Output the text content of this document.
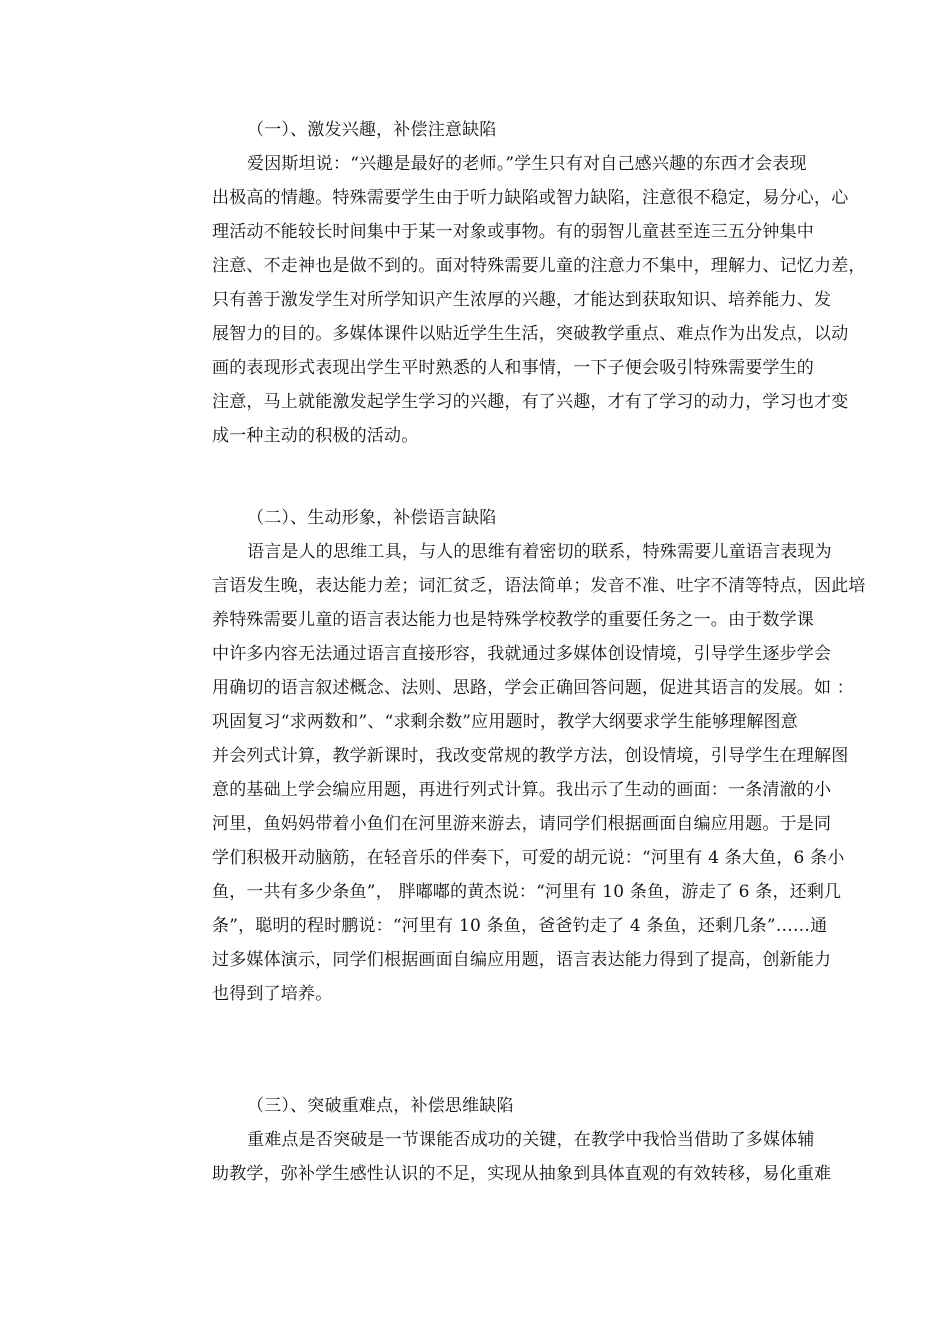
（一）、激发兴趣，补偿注意缺陷
爱因斯坦说：“兴趣是最好的老师。”学生只有对自己感兴趣的东西才会表现
出极高的情趣。特殊需要学生由于听力缺陷或智力缺陷，注意很不稳定，易分心，心
理活动不能较长时间集中于某一对象或事物。有的弱智儿童甚至连三五分钟集中
注意、不走神也是做不到的。面对特殊需要儿童的注意力不集中，理解力、记忆力差，
只有善于激发学生对所学知识产生浓厚的兴趣，才能达到获取知识、培养能力、发
展智力的目的。多媒体课件以贴近学生生活，突破教学重点、难点作为出发点，以动
画的表现形式表现出学生平时熟悉的人和事情，一下子便会吸引特殊需要学生的
注意，马上就能激发起学生学习的兴趣，有了兴趣，才有了学习的动力，学习也才变
成一种主动的积极的活动。
（二）、生动形象，补偿语言缺陷
语言是人的思维工具，与人的思维有着密切的联系，特殊需要儿童语言表现为
言语发生晚，表达能力差；词汇贫乏，语法简单；发音不准、吐字不清等特点，因此培
养特殊需要儿童的语言表达能力也是特殊学校教学的重要任务之一。由于数学课
中许多内容无法通过语言直接形容，我就通过多媒体创设情境，引导学生逐步学会
用确切的语言叙述概念、法则、思路，学会正确回答问题，促进其语言的发展。如 ：
巩固复习“求两数和”、“求剩余数”应用题时，教学大纲要求学生能够理解图意
并会列式计算，教学新课时，我改变常规的教学方法，创设情境，引导学生在理解图
意的基础上学会编应用题，再进行列式计算。我出示了生动的画面：一条清澈的小
河里，鱼妈妈带着小鱼们在河里游来游去，请同学们根据画面自编应用题。于是同
学们积极开动脑筋，在轻音乐的伴奏下，可爱的胡元说：“河里有 4 条大鱼，6 条小
鱼，一共有多少条鱼”， 胖嘟嘟的黄杰说：“河里有 10 条鱼，游走了 6 条，还剩几
条”，聪明的程时鹏说：“河里有 10 条鱼，爸爸钓走了 4 条鱼，还剩几条”……通
过多媒体演示，同学们根据画面自编应用题，语言表达能力得到了提高，创新能力
也得到了培养。
（三）、突破重难点，补偿思维缺陷
重难点是否突破是一节课能否成功的关键，在教学中我恰当借助了多媒体辅
助教学，弥补学生感性认识的不足，实现从抽象到具体直观的有效转移，易化重难
